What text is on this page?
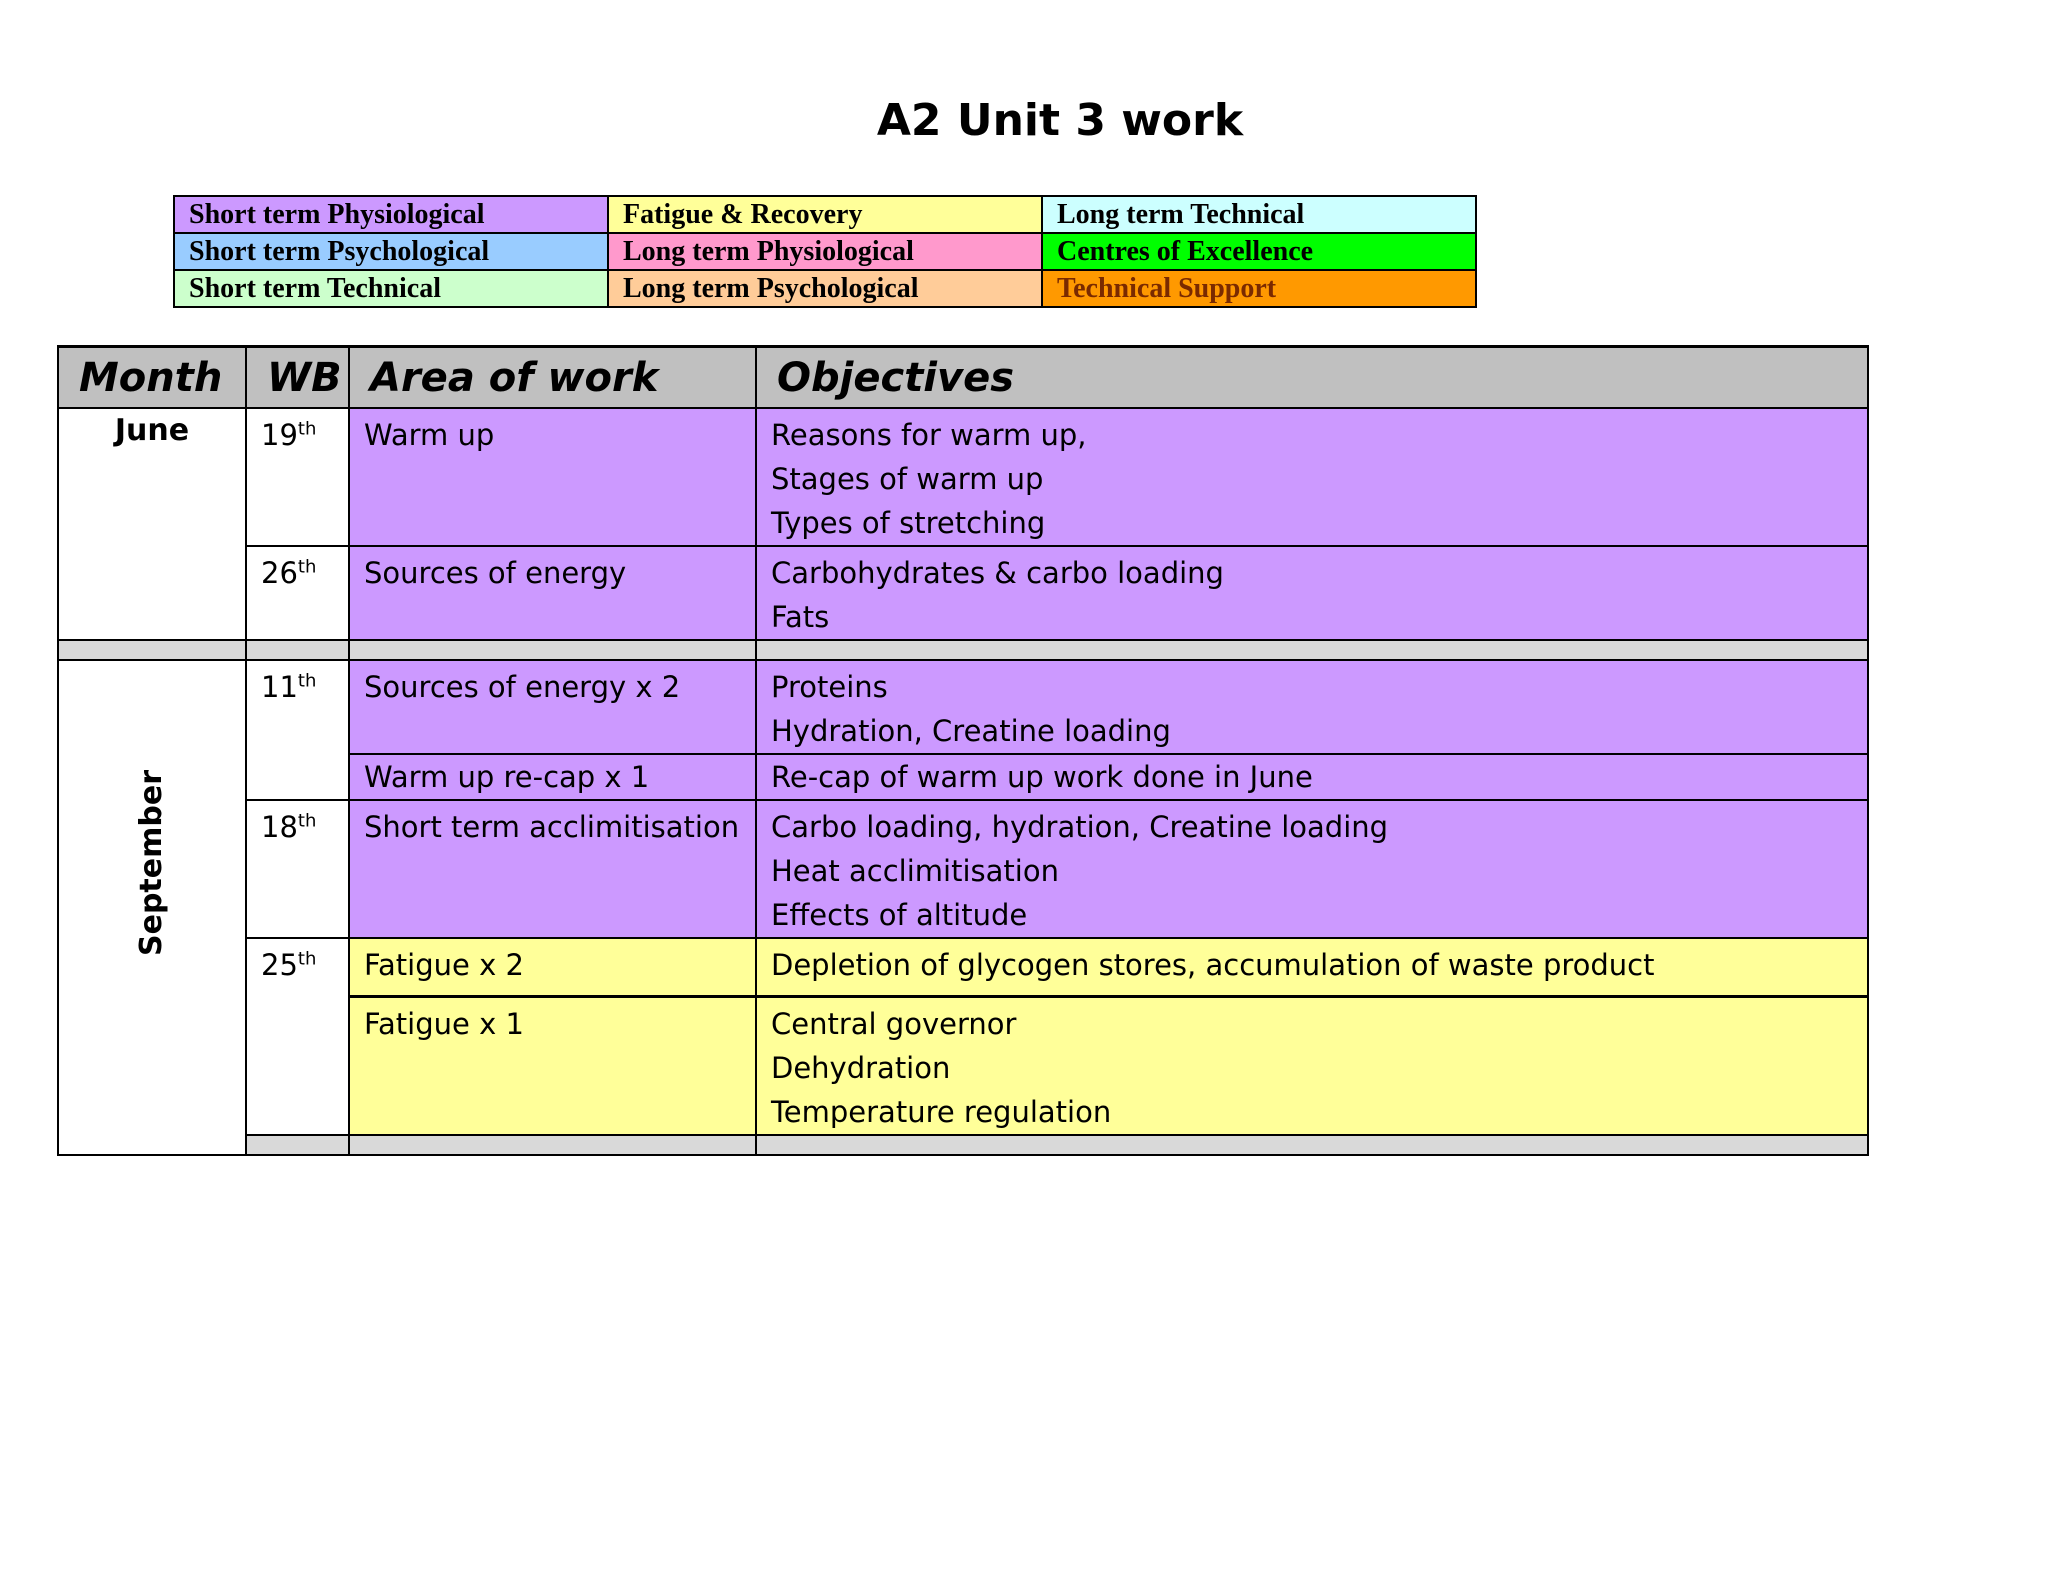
A2 Unit 3 work
Short term Physiological	Fatigue & Recovery	Long term Technical
Short term Psychological	Long term Physiological	Centres of Excellence
Short term Technical	Long term Psychological	Technical Support
Month	WB	Area of work	Objectives
June	19th	Warm up	Reasons for warm up,
Stages of warm up
Types of stretching

	26th	Sources of energy	Carbohydrates & carbo loading
Fats

September	11th	Sources of energy x 2	Proteins
Hydration, Creatine loading

		Warm up re-cap x 1	Re-cap of warm up work done in June

	18th	Short term acclimitisation	Carbo loading, hydration, Creatine loading
Heat acclimitisation
Effects of altitude

	25th	Fatigue x 2	Depletion of glycogen stores, accumulation of waste product

		Fatigue x 1	Central governor
Dehydration
Temperature regulation
